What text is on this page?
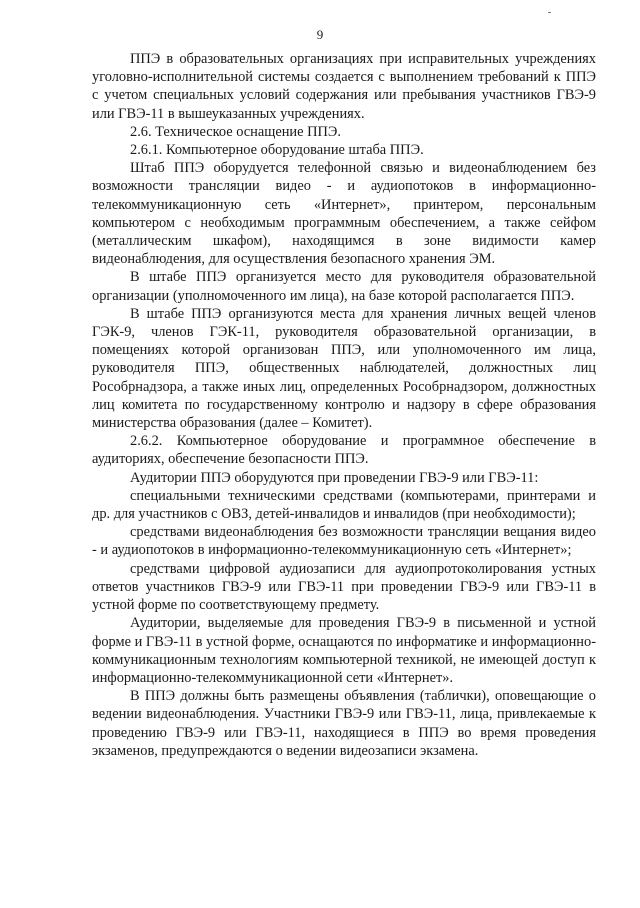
9

ППЭ в образовательных организациях при исправительных учреждениях уголовно-исполнительной системы создается с выполнением требований к ППЭ с учетом специальных условий содержания или пребывания участников ГВЭ-9 или ГВЭ-11 в вышеуказанных учреждениях.

2.6. Техническое оснащение ППЭ.

2.6.1. Компьютерное оборудование штаба ППЭ.

Штаб ППЭ оборудуется телефонной связью и видеонаблюдением без возможности трансляции видео - и аудиопотоков в информационно-телекоммуникационную сеть «Интернет», принтером, персональным компьютером с необходимым программным обеспечением, а также сейфом (металлическим шкафом), находящимся в зоне видимости камер видеонаблюдения, для осуществления безопасного хранения ЭМ.

В штабе ППЭ организуется место для руководителя образовательной организации (уполномоченного им лица), на базе которой располагается ППЭ.

В штабе ППЭ организуются места для хранения личных вещей членов ГЭК-9, членов ГЭК-11, руководителя образовательной организации, в помещениях которой организован ППЭ, или уполномоченного им лица, руководителя ППЭ, общественных наблюдателей, должностных лиц Рособрнадзора, а также иных лиц, определенных Рособрнадзором, должностных лиц комитета по государственному контролю и надзору в сфере образования министерства образования (далее – Комитет).

2.6.2. Компьютерное оборудование и программное обеспечение в аудиториях, обеспечение безопасности ППЭ.

Аудитории ППЭ оборудуются при проведении ГВЭ-9 или ГВЭ-11:

специальными техническими средствами (компьютерами, принтерами и др. для участников с ОВЗ, детей-инвалидов и инвалидов (при необходимости);

средствами видеонаблюдения без возможности трансляции вещания видео - и аудиопотоков в информационно-телекоммуникационную сеть «Интернет»;

средствами цифровой аудиозаписи для аудиопротоколирования устных ответов участников ГВЭ-9 или ГВЭ-11 при проведении ГВЭ-9 или ГВЭ-11 в устной форме по соответствующему предмету.

Аудитории, выделяемые для проведения ГВЭ-9 в письменной и устной форме и ГВЭ-11 в устной форме, оснащаются по информатике и информационно-коммуникационным технологиям компьютерной техникой, не имеющей доступ к информационно-телекоммуникационной сети «Интернет».

В ППЭ должны быть размещены объявления (таблички), оповещающие о ведении видеонаблюдения. Участники ГВЭ-9 или ГВЭ-11, лица, привлекаемые к проведению ГВЭ-9 или ГВЭ-11, находящиеся в ППЭ во время проведения экзаменов, предупреждаются о ведении видеозаписи экзамена.
